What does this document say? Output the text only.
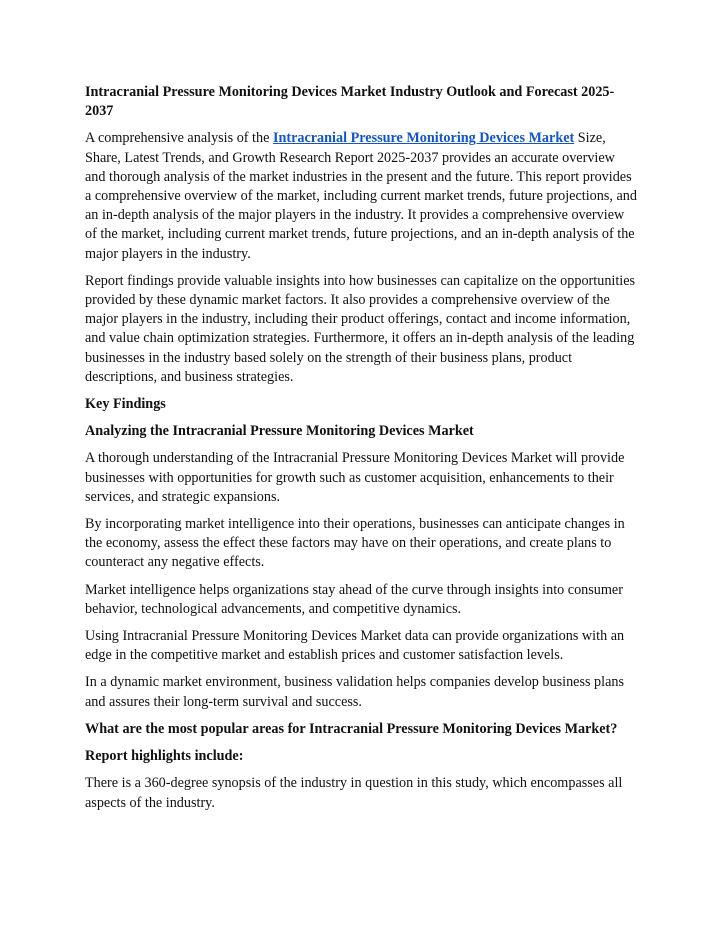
Intracranial Pressure Monitoring Devices Market Industry Outlook and Forecast 2025-2037

A comprehensive analysis of the Intracranial Pressure Monitoring Devices Market Size, Share, Latest Trends, and Growth Research Report 2025-2037 provides an accurate overview and thorough analysis of the market industries in the present and the future. This report provides a comprehensive overview of the market, including current market trends, future projections, and an in-depth analysis of the major players in the industry. It provides a comprehensive overview of the market, including current market trends, future projections, and an in-depth analysis of the major players in the industry.

Report findings provide valuable insights into how businesses can capitalize on the opportunities provided by these dynamic market factors. It also provides a comprehensive overview of the major players in the industry, including their product offerings, contact and income information, and value chain optimization strategies. Furthermore, it offers an in-depth analysis of the leading businesses in the industry based solely on the strength of their business plans, product descriptions, and business strategies.

Key Findings

Analyzing the Intracranial Pressure Monitoring Devices Market

A thorough understanding of the Intracranial Pressure Monitoring Devices Market will provide businesses with opportunities for growth such as customer acquisition, enhancements to their services, and strategic expansions.

By incorporating market intelligence into their operations, businesses can anticipate changes in the economy, assess the effect these factors may have on their operations, and create plans to counteract any negative effects.

Market intelligence helps organizations stay ahead of the curve through insights into consumer behavior, technological advancements, and competitive dynamics.

Using Intracranial Pressure Monitoring Devices Market data can provide organizations with an edge in the competitive market and establish prices and customer satisfaction levels.

In a dynamic market environment, business validation helps companies develop business plans and assures their long-term survival and success.

What are the most popular areas for Intracranial Pressure Monitoring Devices Market?

Report highlights include:

There is a 360-degree synopsis of the industry in question in this study, which encompasses all aspects of the industry.
